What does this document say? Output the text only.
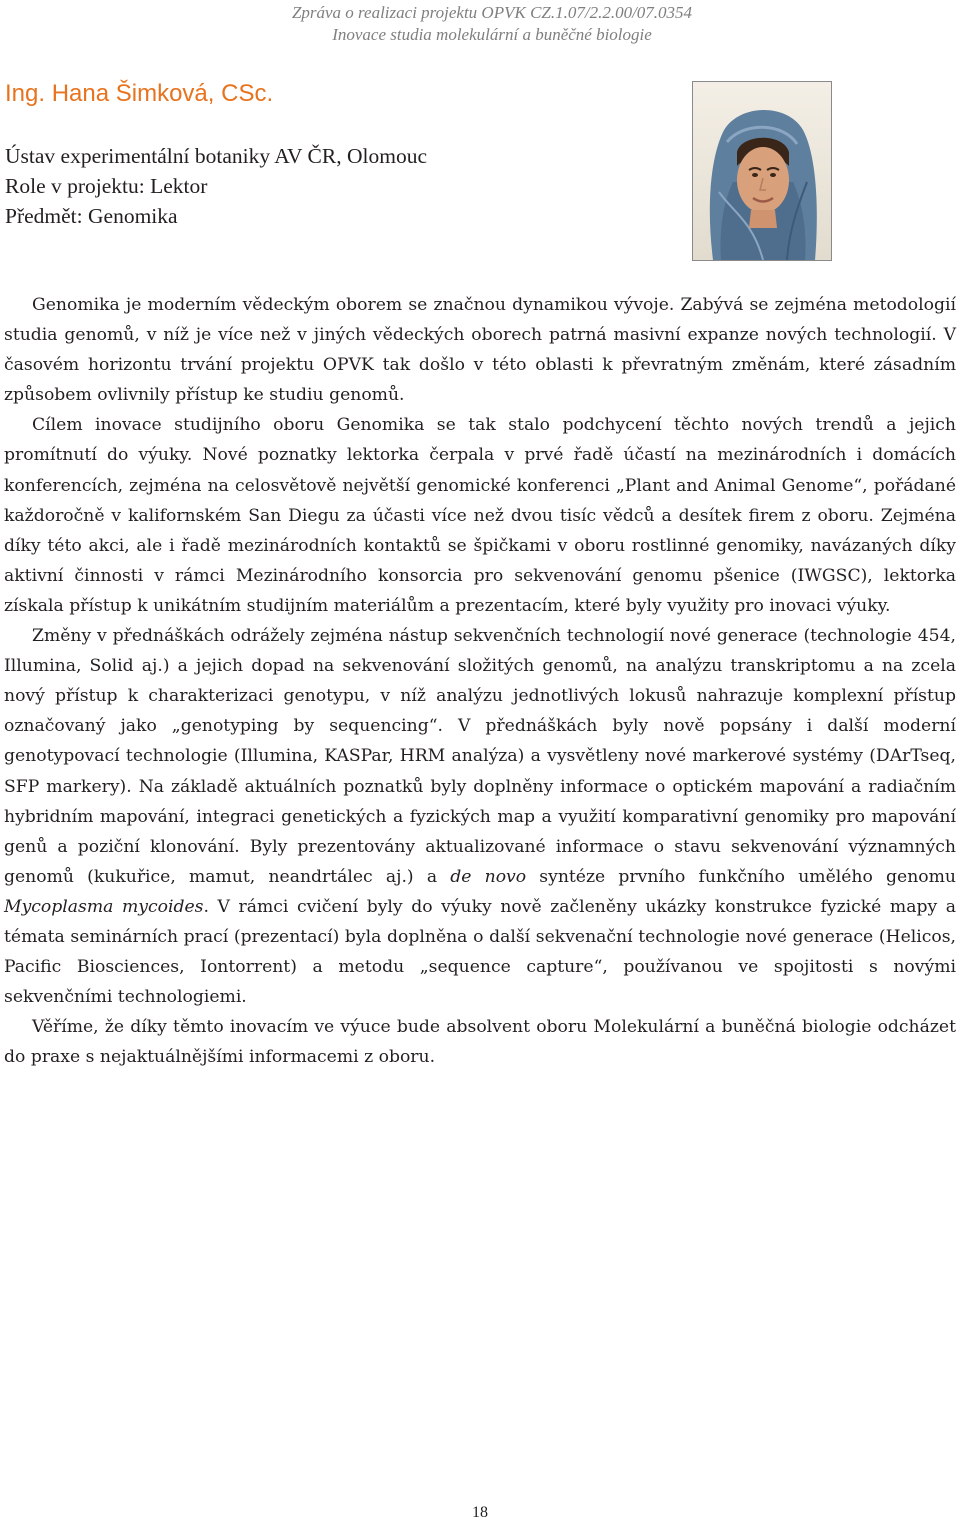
Zpráva o realizaci projektu OPVK CZ.1.07/2.2.00/07.0354
Inovace studia molekulární a buněčné biologie
Ing. Hana Šimková, CSc.
Ústav experimentální botaniky AV ČR, Olomouc
Role v projektu: Lektor
Předmět: Genomika

Genomika je moderním vědeckým oborem se značnou dynamikou vývoje. Zabývá se zejména metodologií studia genomů, v níž je více než v jiných vědeckých oborech patrná masivní expanze nových technologií. V časovém horizontu trvání projektu OPVK tak došlo v této oblasti k převratným změnám, které zásadním způsobem ovlivnily přístup ke studiu genomů.

Cílem inovace studijního oboru Genomika se tak stalo podchycení těchto nových trendů a jejich promítnutí do výuky. Nové poznatky lektorka čerpala v prvé řadě účastí na mezinárodních i domácích konferencích, zejména na celosvětově největší genomické konferenci „Plant and Animal Genome“, pořádané každoročně v kalifornském San Diegu za účasti více než dvou tisíc vědců a desítek firem z oboru. Zejména díky této akci, ale i řadě mezinárodních kontaktů se špičkami v oboru rostlinné genomiky, navázaných díky aktivní činnosti v rámci Mezinárodního konsorcia pro sekvenování genomu pšenice (IWGSC), lektorka získala přístup k unikátním studijním materiálům a prezentacím, které byly využity pro inovaci výuky.

Změny v přednáškách odrážely zejména nástup sekvenčních technologií nové generace (technologie 454, Illumina, Solid aj.) a jejich dopad na sekvenování složitých genomů, na analýzu transkriptomu a na zcela nový přístup k charakterizaci genotypu, v níž analýzu jednotlivých lokusů nahrazuje komplexní přístup označovaný jako „genotyping by sequencing“. V přednáškách byly nově popsány i další moderní genotypovací technologie (Illumina, KASPar, HRM analýza) a vysvětleny nové markerové systémy (DArTseq, SFP markery). Na základě aktuálních poznatků byly doplněny informace o optickém mapování a radiačním hybridním mapování, integraci genetických a fyzických map a využití komparativní genomiky pro mapování genů a poziční klonování. Byly prezentovány aktualizované informace o stavu sekvenování významných genomů (kukuřice, mamut, neandrtálec aj.) a de novo syntéze prvního funkčního umělého genomu Mycoplasma mycoides. V rámci cvičení byly do výuky nově začleněny ukázky konstrukce fyzické mapy a témata seminárních prací (prezentací) byla doplněna o další sekvenační technologie nové generace (Helicos, Pacific Biosciences, Iontorrent) a metodu „sequence capture“, používanou ve spojitosti s novými sekvenčními technologiemi.

Věříme, že díky těmto inovacím ve výuce bude absolvent oboru Molekulární a buněčná biologie odcházet do praxe s nejaktuálnějšími informacemi z oboru.

18
